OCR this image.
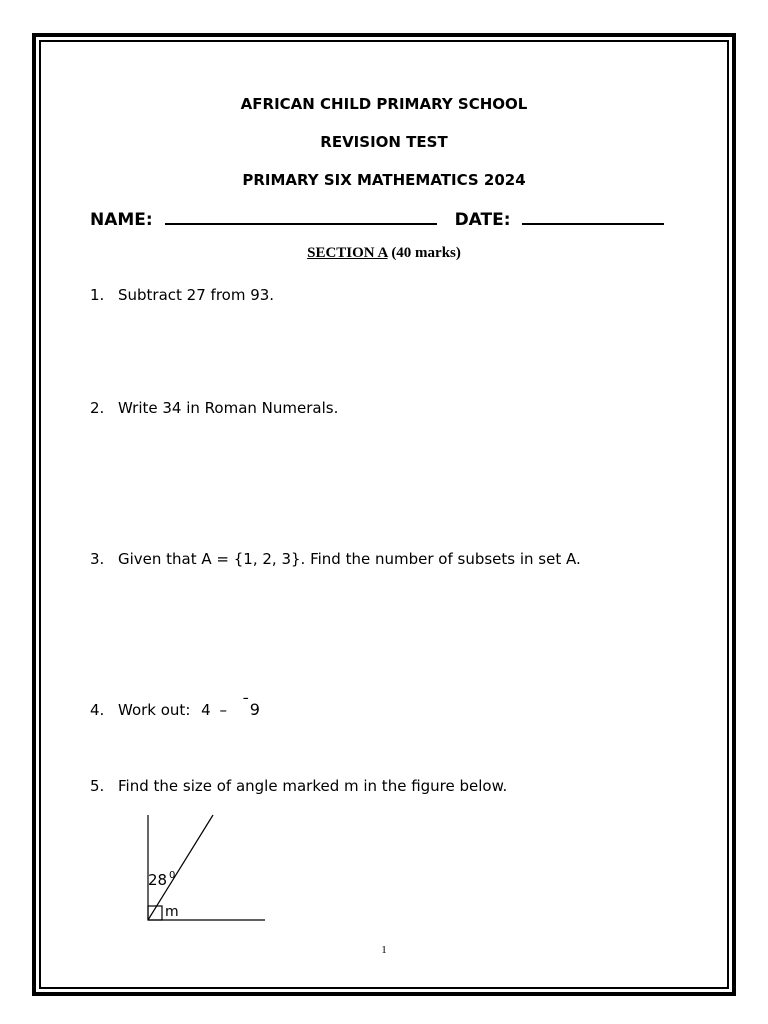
AFRICAN CHILD PRIMARY SCHOOL
REVISION TEST
PRIMARY SIX MATHEMATICS 2024
NAME:	DATE:
SECTION A (40 marks)
1. Subtract 27 from 93.
2. Write 34 in Roman Numerals.
3. Given that A = {1, 2, 3}. Find the number of subsets in set A.
4. Work out: 4 – ¯9
5. Find the size of angle marked m in the figure below.
28 0
m
1
